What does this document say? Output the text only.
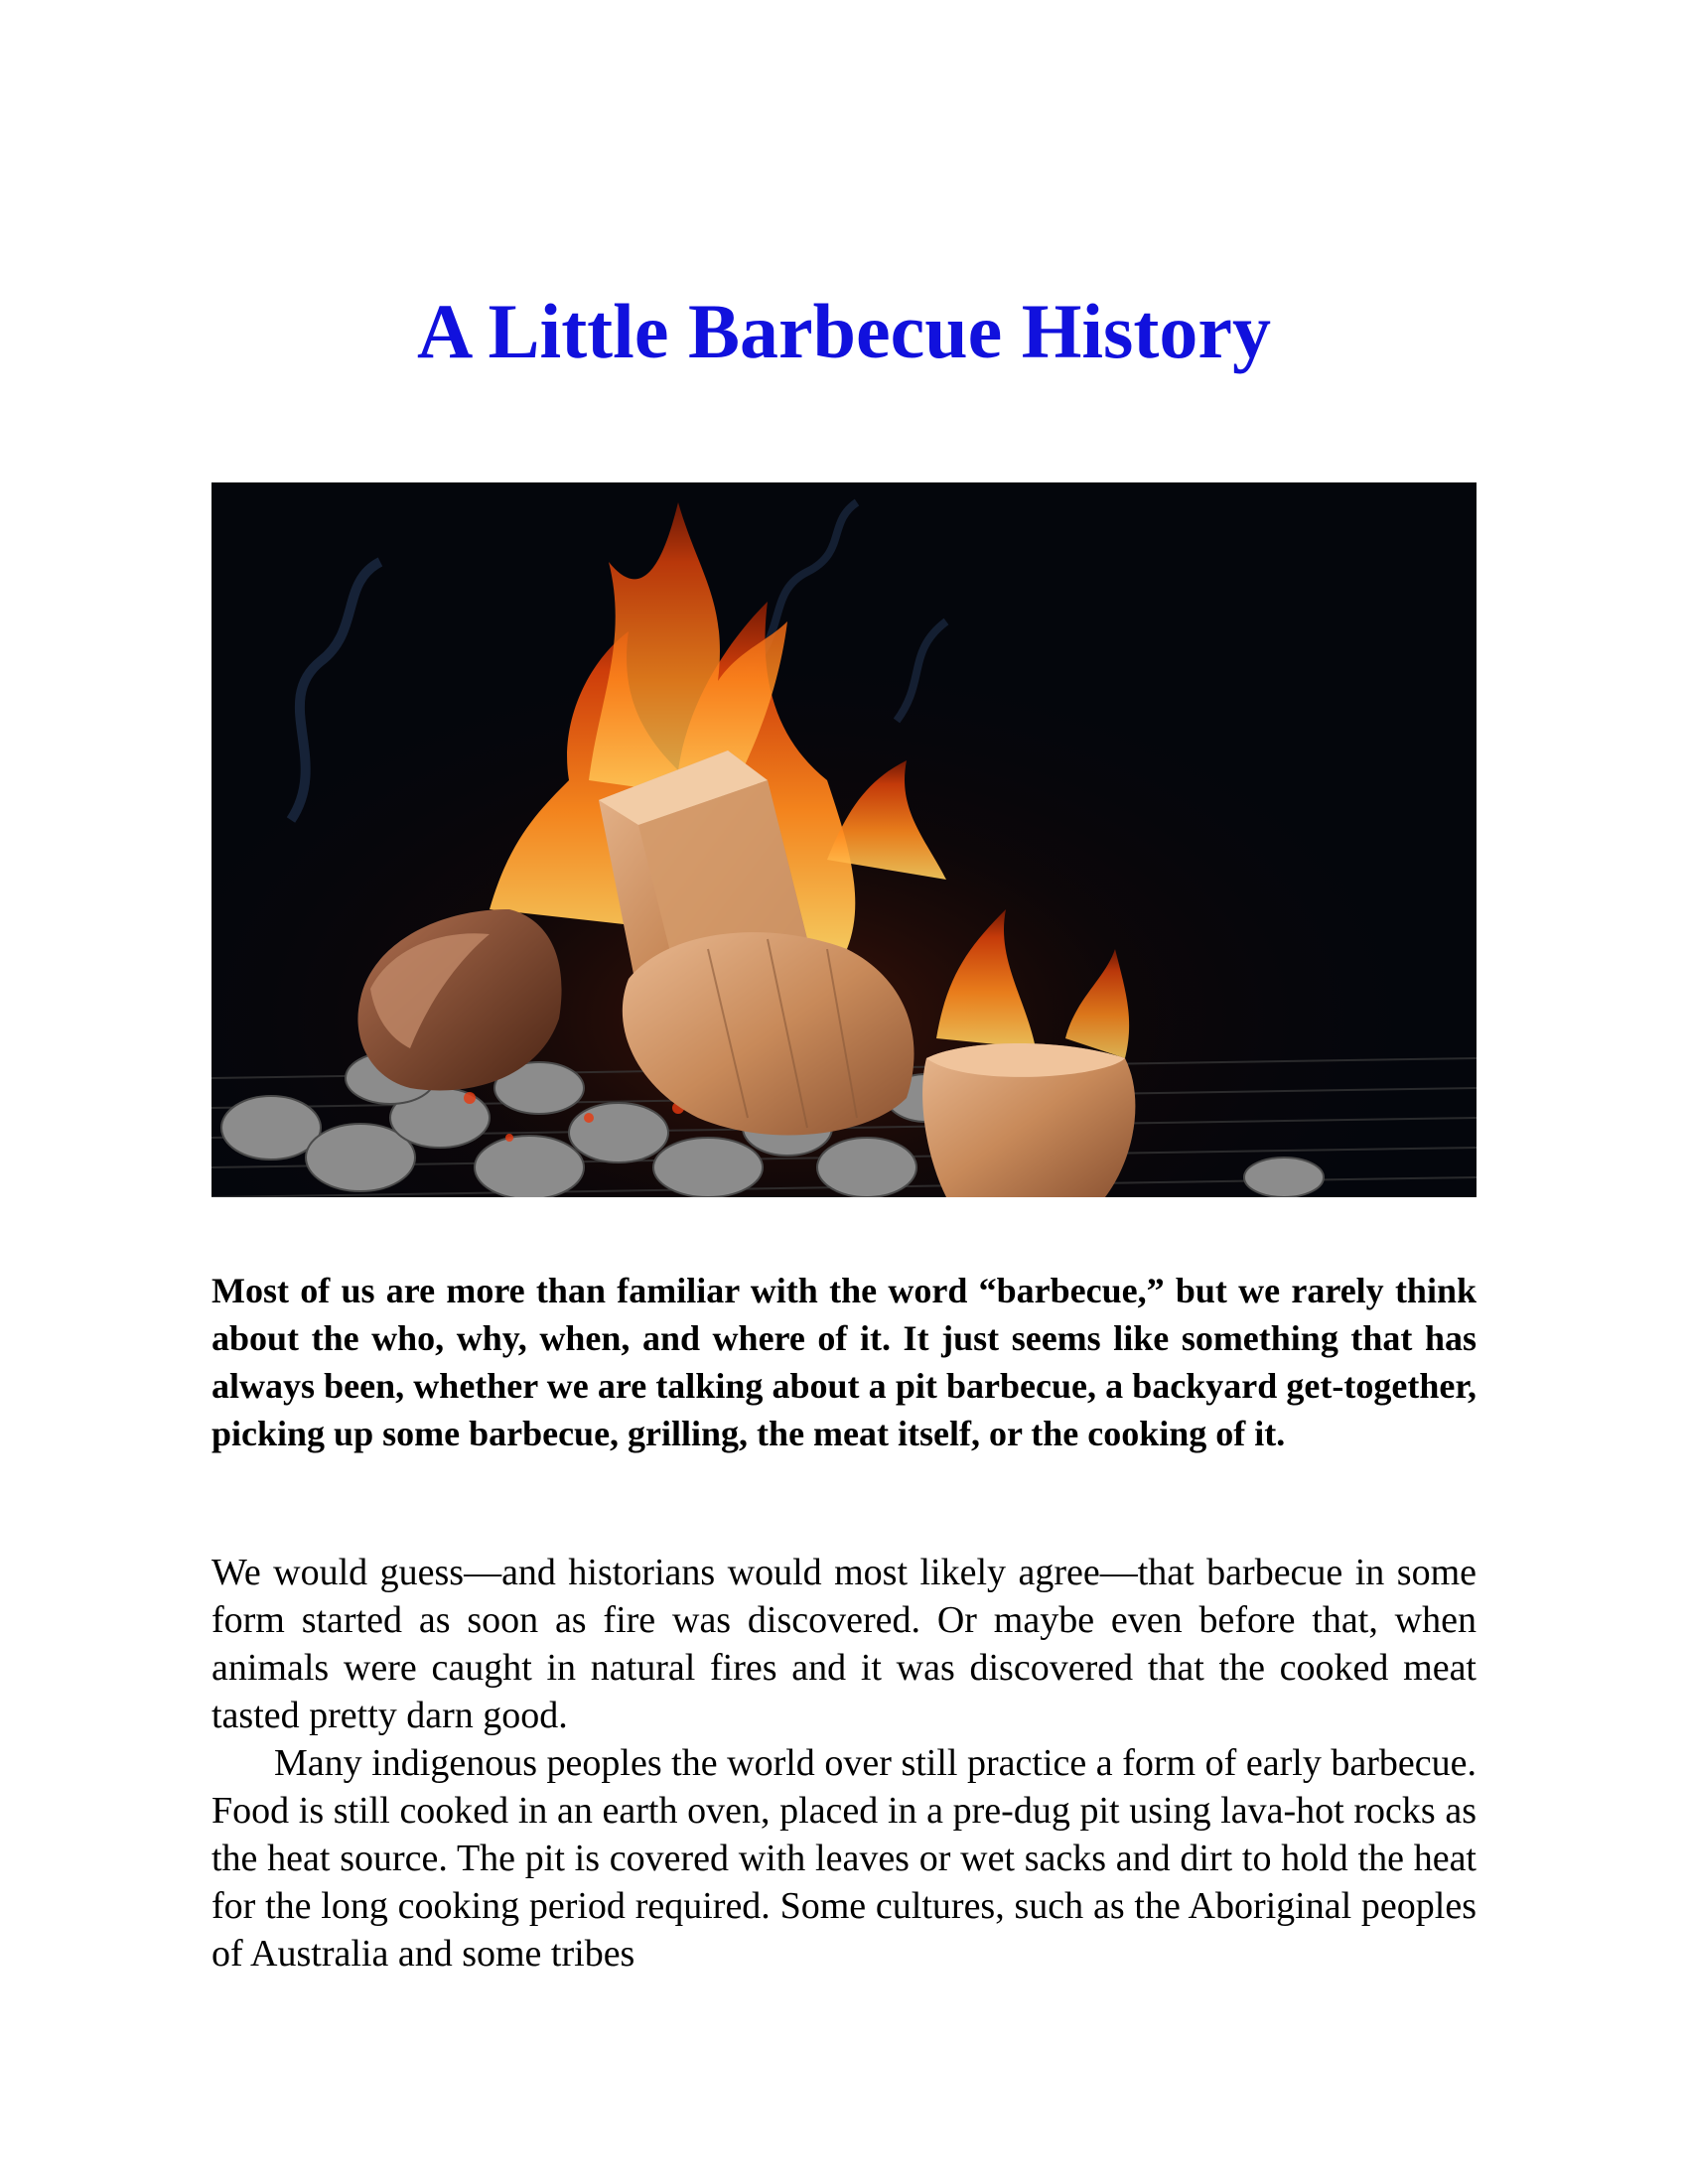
A Little Barbecue History

Most of us are more than familiar with the word “barbecue,” but we rarely think about the who, why, when, and where of it. It just seems like something that has always been, whether we are talking about a pit barbecue, a backyard get-together, picking up some barbecue, grilling, the meat itself, or the cooking of it.

We would guess—and historians would most likely agree—that barbecue in some form started as soon as fire was discovered. Or maybe even before that, when animals were caught in natural fires and it was discovered that the cooked meat tasted pretty darn good.

Many indigenous peoples the world over still practice a form of early barbecue. Food is still cooked in an earth oven, placed in a pre-dug pit using lava-hot rocks as the heat source. The pit is covered with leaves or wet sacks and dirt to hold the heat for the long cooking period required. Some cultures, such as the Aboriginal peoples of Australia and some tribes
